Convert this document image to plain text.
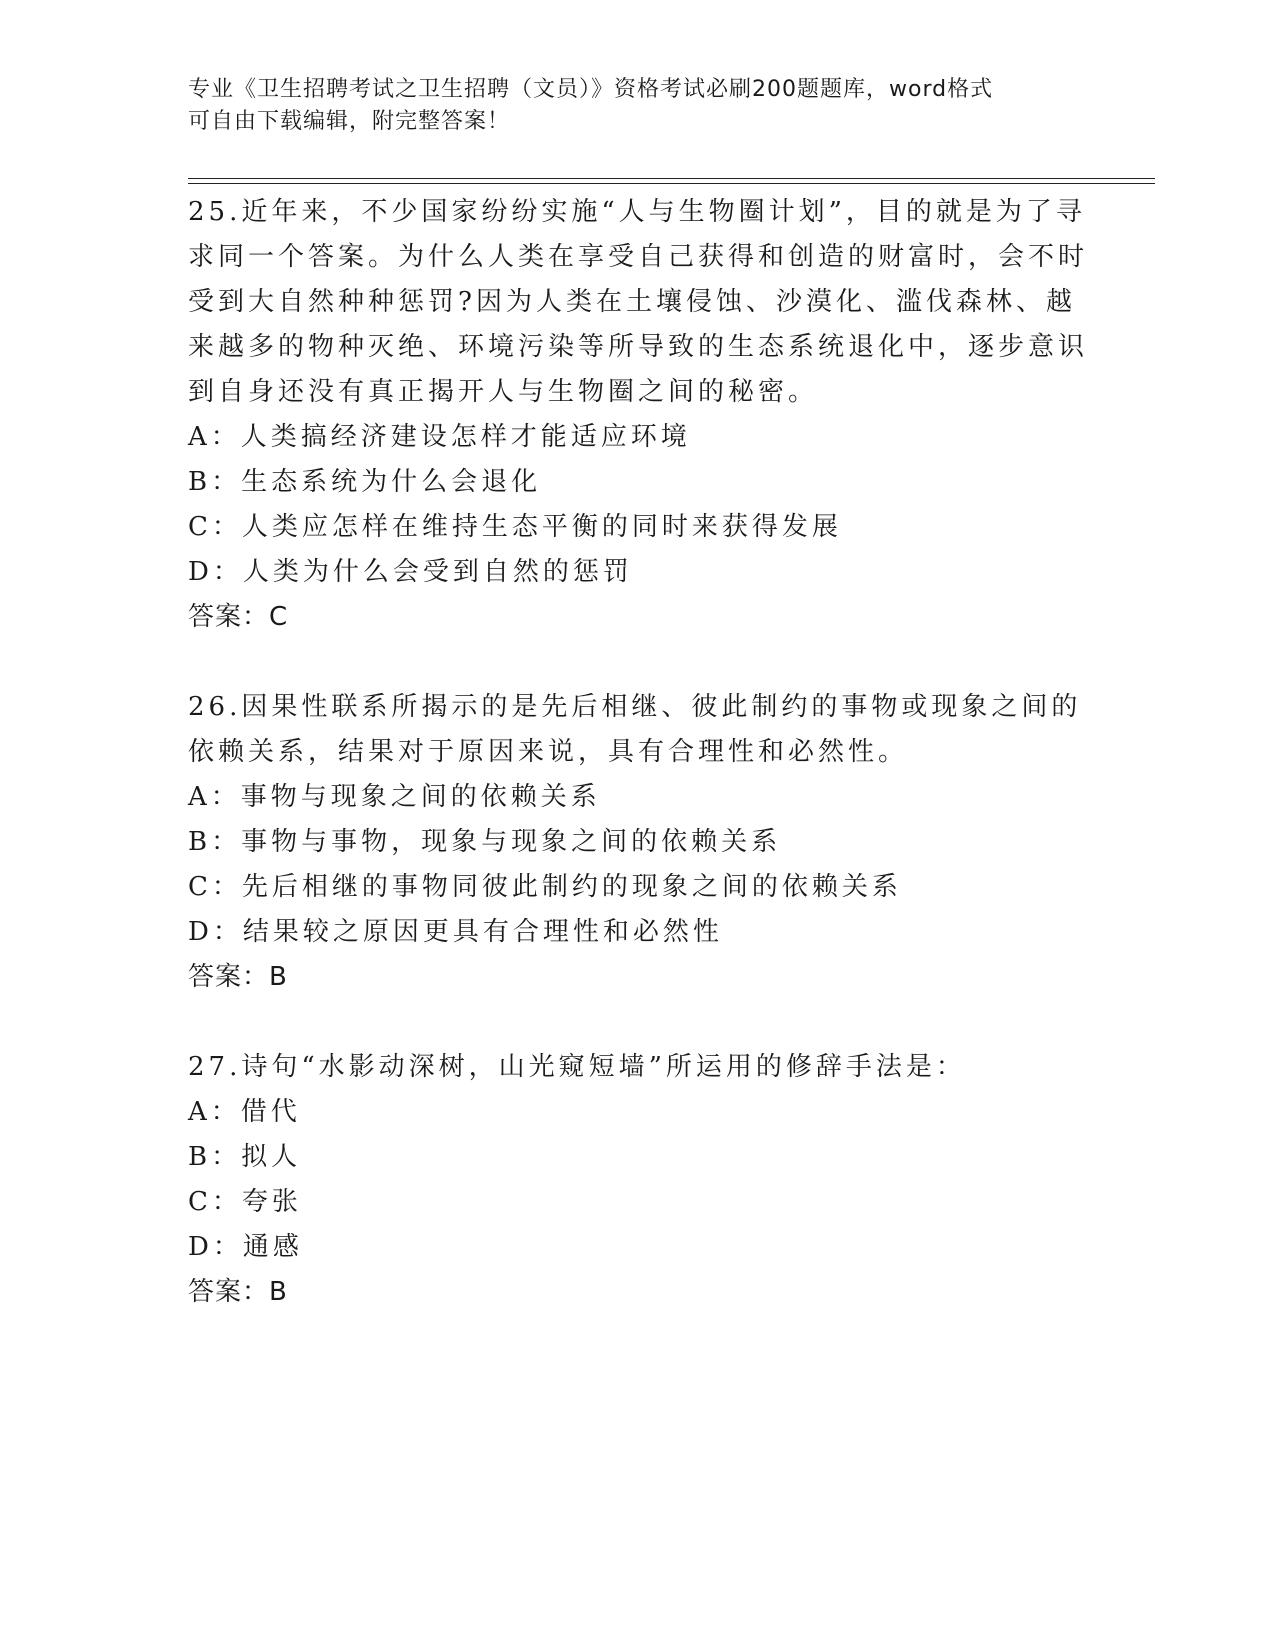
专业《卫生招聘考试之卫生招聘（文员）》资格考试必刷200题题库，word格式
可自由下载编辑，附完整答案！

25.近年来，不少国家纷纷实施“人与生物圈计划”，目的就是为了寻求同一个答案。为什么人类在享受自己获得和创造的财富时，会不时受到大自然种种惩罚?因为人类在土壤侵蚀、沙漠化、滥伐森林、越来越多的物种灭绝、环境污染等所导致的生态系统退化中，逐步意识到自身还没有真正揭开人与生物圈之间的秘密。

A：人类搞经济建设怎样才能适应环境

B：生态系统为什么会退化

C：人类应怎样在维持生态平衡的同时来获得发展

D：人类为什么会受到自然的惩罚

答案：C

26.因果性联系所揭示的是先后相继、彼此制约的事物或现象之间的依赖关系，结果对于原因来说，具有合理性和必然性。

A：事物与现象之间的依赖关系

B：事物与事物，现象与现象之间的依赖关系

C：先后相继的事物同彼此制约的现象之间的依赖关系

D：结果较之原因更具有合理性和必然性

答案：B

27.诗句“水影动深树，山光窥短墙”所运用的修辞手法是：

A：借代

B：拟人

C：夸张

D：通感

答案：B
